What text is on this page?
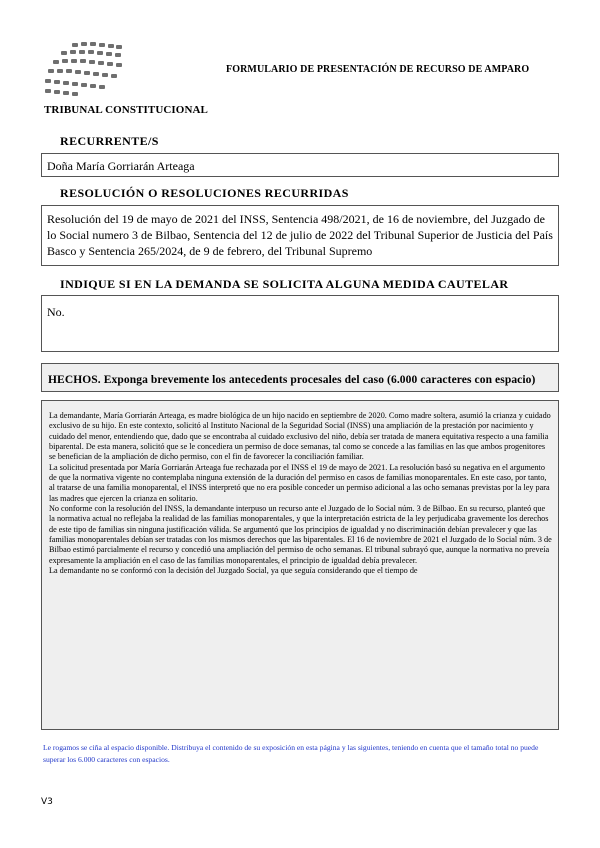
TRIBUNAL CONSTITUCIONAL
FORMULARIO DE PRESENTACIÓN DE RECURSO DE AMPARO
RECURRENTE/S
Doña María Gorriarán Arteaga
RESOLUCIÓN O RESOLUCIONES RECURRIDAS
Resolución del 19 de mayo de 2021 del INSS, Sentencia 498/2021, de 16 de noviembre, del Juzgado de lo Social numero 3 de Bilbao, Sentencia del 12 de julio de 2022 del Tribunal Superior de Justicia del País Basco y Sentencia 265/2024, de 9 de febrero, del Tribunal Supremo
INDIQUE SI EN LA DEMANDA SE SOLICITA ALGUNA MEDIDA CAUTELAR
No.
HECHOS. Exponga brevemente los antecedents procesales del caso (6.000 caracteres con espacio)
La demandante, María Gorriarán Arteaga, es madre biológica de un hijo nacido en septiembre de 2020. Como madre soltera, asumió la crianza y cuidado exclusivo de su hijo. En este contexto, solicitó al Instituto Nacional de la Seguridad Social (INSS) una ampliación de la prestación por nacimiento y cuidado del menor, entendiendo que, dado que se encontraba al cuidado exclusivo del niño, debía ser tratada de manera equitativa respecto a una familia biparental. De esta manera, solicitó que se le concediera un permiso de doce semanas, tal como se concede a las familias en las que ambos progenitores se benefician de la ampliación de dicho permiso, con el fin de favorecer la conciliación familiar.
La solicitud presentada por María Gorriarán Arteaga fue rechazada por el INSS el 19 de mayo de 2021. La resolución basó su negativa en el argumento de que la normativa vigente no contemplaba ninguna extensión de la duración del permiso en casos de familias monoparentales. En este caso, por tanto, al tratarse de una familia monoparental, el INSS interpretó que no era posible conceder un permiso adicional a las ocho semanas previstas por la ley para las madres que ejercen la crianza en solitario.
No conforme con la resolución del INSS, la demandante interpuso un recurso ante el Juzgado de lo Social núm. 3 de Bilbao. En su recurso, planteó que la normativa actual no reflejaba la realidad de las familias monoparentales, y que la interpretación estricta de la ley perjudicaba gravemente los derechos de este tipo de familias sin ninguna justificación válida. Se argumentó que los principios de igualdad y no discriminación debían prevalecer y que las familias monoparentales debían ser tratadas con los mismos derechos que las biparentales. El 16 de noviembre de 2021 el Juzgado de lo Social núm. 3 de Bilbao estimó parcialmente el recurso y concedió una ampliación del permiso de ocho semanas. El tribunal subrayó que, aunque la normativa no preveía expresamente la ampliación en el caso de las familias monoparentales, el principio de igualdad debía prevalecer.
La demandante no se conformó con la decisión del Juzgado Social, ya que seguía considerando que el tiempo de
Le rogamos se ciña al espacio disponible. Distribuya el contenido de su exposición en esta página y las siguientes, teniendo en cuenta que el tamaño total no puede superar los 6.000 caracteres con espacios.
V3
